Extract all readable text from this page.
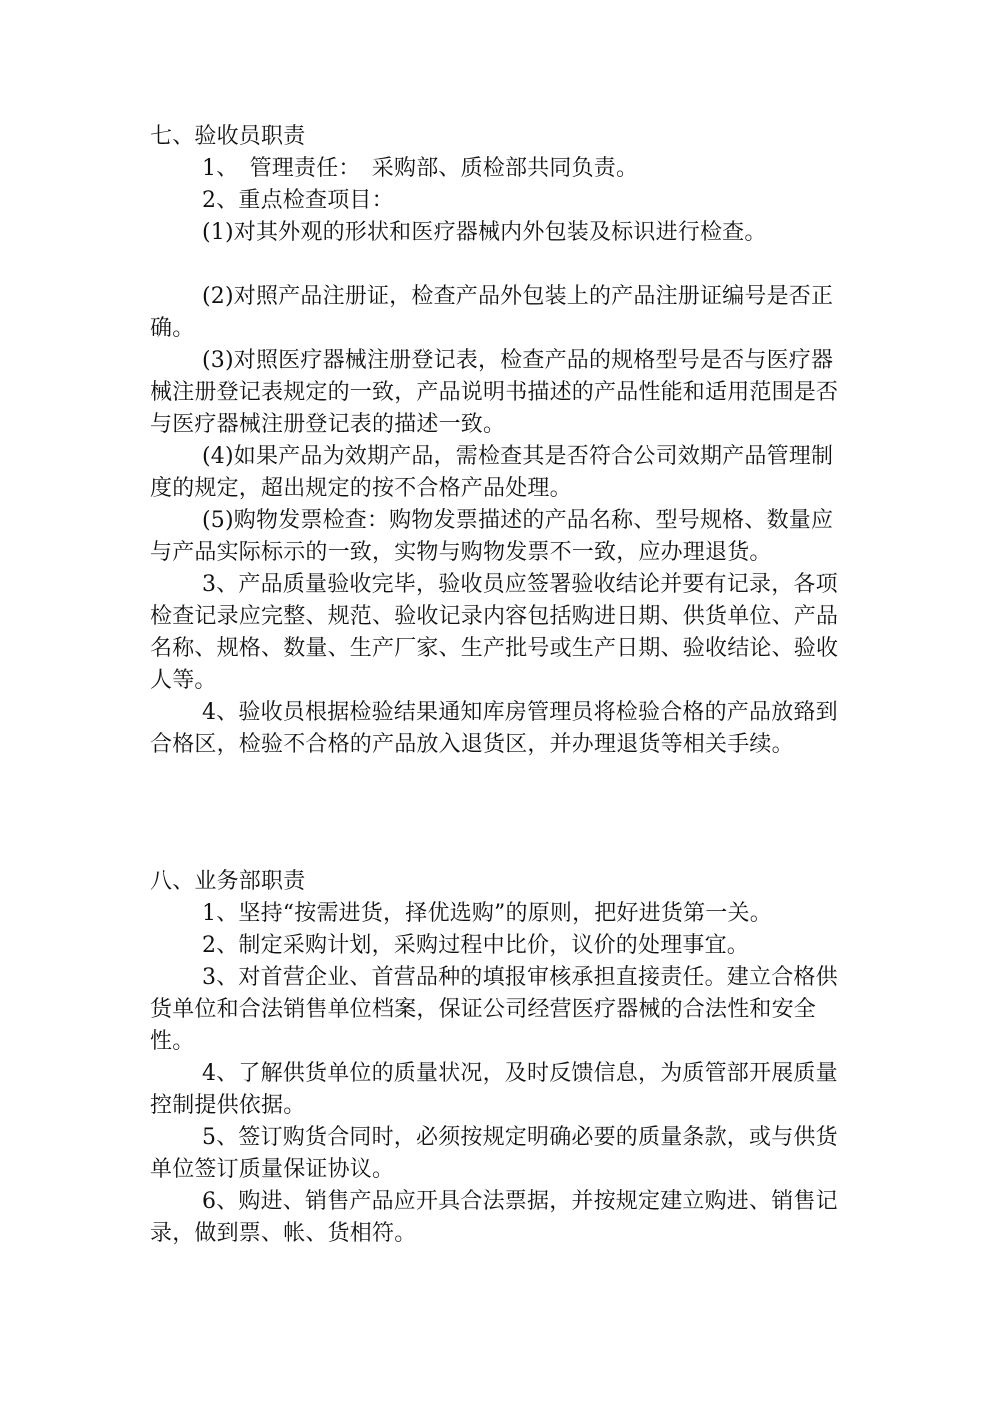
七、验收员职责

1、　管理责任：　采购部、质检部共同负责。

2、重点检查项目：

(1)对其外观的形状和医疗器械内外包装及标识进行检查。

(2)对照产品注册证，检查产品外包装上的产品注册证编号是否正确。

(3)对照医疗器械注册登记表，检查产品的规格型号是否与医疗器械注册登记表规定的一致，产品说明书描述的产品性能和适用范围是否与医疗器械注册登记表的描述一致。

(4)如果产品为效期产品，需检查其是否符合公司效期产品管理制度的规定，超出规定的按不合格产品处理。

(5)购物发票检查：购物发票描述的产品名称、型号规格、数量应与产品实际标示的一致，实物与购物发票不一致，应办理退货。

3、产品质量验收完毕，验收员应签署验收结论并要有记录，各项检查记录应完整、规范、验收记录内容包括购进日期、供货单位、产品名称、规格、数量、生产厂家、生产批号或生产日期、验收结论、验收人等。

4、验收员根据检验结果通知库房管理员将检验合格的产品放臵到合格区，检验不合格的产品放入退货区，并办理退货等相关手续。

八、业务部职责

1、坚持“按需进货，择优选购”的原则，把好进货第一关。

2、制定采购计划，采购过程中比价，议价的处理事宜。

3、对首营企业、首营品种的填报审核承担直接责任。建立合格供货单位和合法销售单位档案，保证公司经营医疗器械的合法性和安全性。

4、了解供货单位的质量状况，及时反馈信息，为质管部开展质量控制提供依据。

5、签订购货合同时，必须按规定明确必要的质量条款，或与供货单位签订质量保证协议。

6、购进、销售产品应开具合法票据，并按规定建立购进、销售记录，做到票、帐、货相符。
